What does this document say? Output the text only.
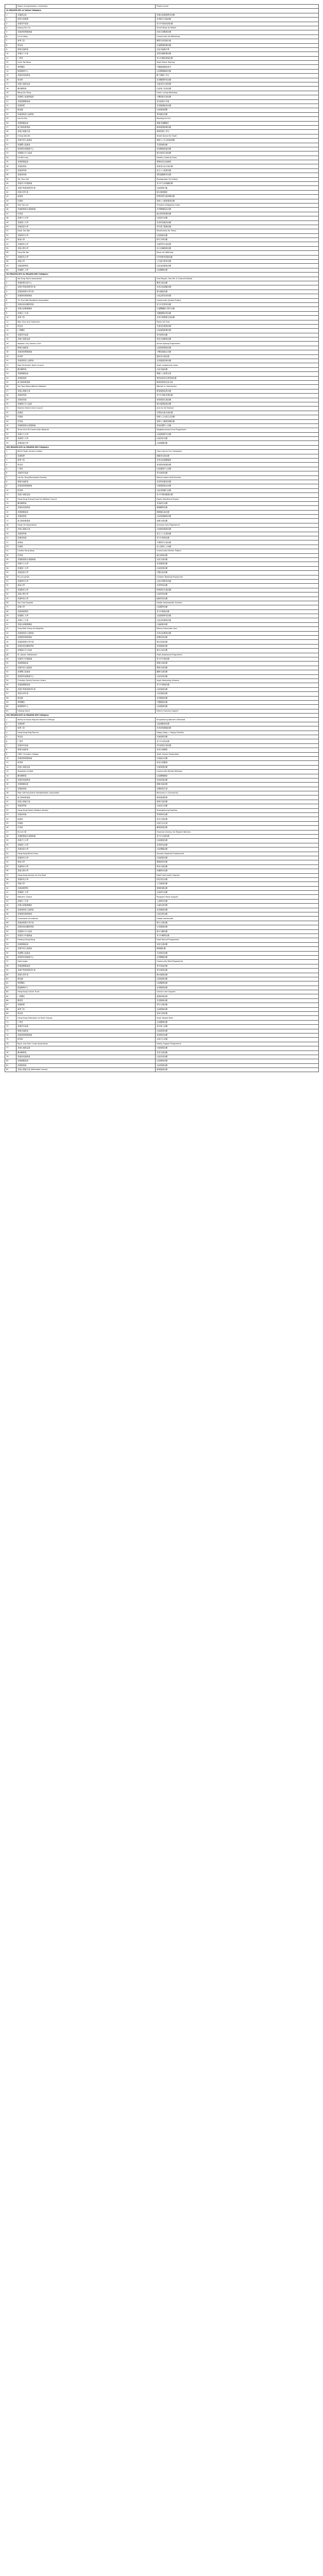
	Name of organisation / individual	Project name
(I) HK$200,001 or below Category:		
1	卓越基金會	香港社區健康教育計劃
2	明愛社會服務	長者跨代共融活動
3	香港青年協會	青少年領袖培訓計劃
4	Kwong Hin Tin	Small Steps to Health
5	香港基督教服務處	家庭支援服務計劃
6	Lo Yu Hang	Community Art Workshop
7	東華三院	關愛長者送暖行動
8	保良局	兒童閱讀推廣計劃
9	聖雅各福群會	社區共融嘉年華
10	香港紅十字會	急救知識推廣計劃
11	仁愛堂	青少年體育發展計劃
12	Chan Tak Wing	Youth Music Sharing
13	博愛醫院	中醫健康講座系列
14	循道衛理中心	社區關懷網絡計劃
15	香港家庭福利會	親子溝通工作坊
16	救世軍	長者數碼學習計劃
17	香港小童群益會	兒童成長支援計劃
18	鄰舍輔導會	社區義工培訓計劃
19	Wong Siu Ming	Green Living Workshop
20	香港聖公會福利協會	少數族裔支援計劃
21	香港遊樂場協會	青年創業分享會
22	香港明愛	長者健康檢查計劃
23	嗇色園	社區藝術展覽
24	香港耆康老人福利會	耆英樂活計劃
25	Lee Ka Yan	Reading for Fun
26	香港傷健協會	傷健共融體驗日
27	新生精神康復會	精神健康推廣計劃
28	香港心理衞生會	情緒管理工作坊
29	Cheng Wai Kit	Street Dance for Youth
30	香港失明人協進會	視障人士生活技能訓練
31	香港聾人協進會	手語推廣計劃
32	基督教家庭服務中心	家庭關係促進計劃
33	香港婦女中心協會	婦女就業支援計劃
34	Ho Mei Ling	Healthy Cooking Class
35	香港單親協會	單親家庭互助網絡
36	香港復康會	復康者社區支援計劃
37	香港善導會	更生人士就業計劃
38	香港戒毒會	預防濫藥教育計劃
39	Yip Chun Hei	Photography for Elderly
40	香港青少年服務處	青少年生涯規劃計劃
41	香港中華基督教青年會	社區環保行動
42	香港女青年會	婦女健康講座
43	協康會	特殊需要兒童訓練計劃
44	扶康會	智障人士藝術發展計劃
45	Tam Yuk Lan	Chinese Calligraphy Class
46	香港路德會社會服務處	長者關懷探訪計劃
47	匡智會	融合教育推廣計劃
48	香港中文大學	社區研究計劃
49	香港理工大學	長者科技應用計劃
50	香港浸會大學	青年義工服務計劃
51	Kwok Sze Wai	Mindfulness for Teens
52	香港城市大學	社區創新計劃
53	嶺南大學	跨代共學計劃
54	香港教育大學	兒童學習支援計劃
55	香港公開大學	成人持續進修計劃
56	Fung Hoi Yan	Music for Wellness
57	香港科技大學	STEM教育推廣計劃
58	香港大學	公共衞生教育計劃
59	香港演藝學院	社區表演藝術計劃
60	香港樹仁大學	社區關懷計劃
(II) HK$200,001 to HK$400,000 Category:		
1	Sai Kung Youth Association	One People, One HK: A Cultural Festival
2	香港明愛社區中心	鄰里互助計劃
3	香港中華基督教青年會	長者社區照顧計劃
4	香港基督教女青年會	婦女賦能計劃
5	香港聖約翰救傷會	社區急救培訓計劃
6	Tin Shui Wai Residents Association	Community Garden Project
7	香港家庭計劃指導會	青少年性教育計劃
8	香港社會服務聯會	社福機構能力提升計劃
9	香港紅十字會	災難應變培訓計劃
10	東華三院	長者日間護理支援計劃
11	Wan Chai Arts Collective	Public Art Trail
12	保良局	兒童成長發展計劃
13	仁濟醫院	社區健康推廣計劃
14	香港青年協會	青年創科計劃
15	香港小童群益會	家庭支援網絡計劃
16	Kowloon City Seniors Club	Active Ageing Programme
17	聖雅各福群會	社區經濟發展計劃
18	香港基督教服務處	少數族裔融合計劃
19	救世軍	露宿者支援計劃
20	香港耆康老人福利會	長者健康管理計劃
21	New Territories Youth Council	Youth Leadership Camp
22	鄰舍輔導會	社區共融計劃
23	香港傷健協會	傷健人士就業支援
24	香港復康會	慢性病患者自我管理計劃
25	新生精神康復會	精神康復者社區支援
26	Yau Tsim Mong Women Network	Women in Community
27	香港心理衞生會	精神健康急救計劃
28	香港善導會	青少年預防犯罪計劃
29	香港戒毒會	戒毒康復支援計劃
30	香港婦女中心協會	婦女健康促進計劃
31	Eastern District Arts Council	Arts for All Festival
32	協康會	自閉症兒童支援計劃
33	扶康會	智障人士社區生活計劃
34	匡智會	智障人士職業訓練計劃
35	香港路德會社會服務處	家庭危機介入計劃
36	Sham Shui Po Community Network	Neighbourhood Care Programme
37	香港中文大學	社區健康研究計劃
38	香港理工大學	社區設計計劃
39	香港浸會大學	社區媒體計劃
(III) HK$400,001 to HK$600,000 Category:		
1	BGCA Youth Centre Limited	Give Care to Our Caregivers
2	香港明愛	照顧者支援計劃
3	東華三院	長者社區照顧服務
4	保良局	家庭教育推廣計劃
5	仁愛堂	社區健康中心計劃
6	香港青年協會	青年就業計劃
7	Lok Sin Tong Benevolent Society	Elderly Home Visit Scheme
8	聖雅各福群會	長者科技應用計劃
9	香港基督教服務處	兒童發展基金計劃
10	救世軍	社區食物銀行計劃
11	香港小童群益會	青少年精神健康計劃
12	Hong Kong Sheng Kung Hui Welfare Council	Family Resilience Project
13	鄰舍輔導會	長者跨代計劃
14	香港家庭福利會	婚姻輔導計劃
15	香港傷健協會	無障礙社區計劃
16	香港復康會	社區復康網絡計劃
17	新生精神康復會	朋輩支援計劃
18	Hong Chi Association	Inclusive Arts Programme
19	香港心理衞生會	社區精神健康計劃
20	香港善導會	更生人士支援計劃
21	香港戒毒會	青少年禁毒計劃
22	協康會	早期教育支援計劃
23	扶康會	成人智障人士計劃
24	Caritas Hong Kong	Community Kitchen Project
25	匡智會	融合就業計劃
26	香港路德會社會服務處	社區支援計劃
27	香港中文大學	長者健康計劃
28	香港理工大學	社區復康計劃
29	香港浸會大學	中醫社區計劃
30	Po Leung Kuk	Children Reading Programme
31	香港城市大學	社區法律教育計劃
32	嶺南大學	長者學苑計劃
33	香港教育大學	特殊教育支援計劃
34	香港公開大學	社區學習計劃
35	香港科技大學	創新科技計劃
36	Yan Chai Hospital	Health Ambassador Scheme
37	香港大學	社區醫學計劃
38	香港演藝學院	青少年藝術計劃
39	香港樹仁大學	社區服務學習計劃
40	香港紅十字會	社區急救網絡計劃
41	香港社會服務聯會	社福創新計劃
42	Tung Wah Group of Hospitals	Elderly Dementia Care
43	香港耆康老人福利會	長者社區參與計劃
44	香港聖約翰救傷會	救護培訓計劃
45	香港基督教女青年會	婦女領袖計劃
46	香港家庭計劃指導會	家庭健康計劃
47	香港婦女中心協會	婦女社區計劃
48	St. James' Settlement	Food Assistance Programme
49	香港青少年服務處	青少年外展計劃
50	香港單親協會	單親支援計劃
51	香港失明人協進會	視障支援計劃
52	香港聾人協進會	聽障支援計劃
53	基督教家庭服務中心	社區家庭計劃
54	Christian Family Service Centre	Youth Mentoring Scheme
55	香港遊樂場協會	青少年發展計劃
56	香港中華基督教青年會	社區發展計劃
57	香港女青年會	女性發展計劃
58	嗇色園	長者服務計劃
59	博愛醫院	中醫服務計劃
60	循道衛理中心	社區服務計劃
61	Helping Hand	Elderly Housing Support
(IV) HK$600,001 to HK$800,000 Category:		
1	Bethune House Migrant Women's Refuge	Empowering Women's Potential
2	香港明愛	社區照顧者計劃
3	東華三院	長者認知障礙計劃
4	Hong Kong Dog Rescue	Happy Dogs = Happy Families
5	保良局	兒童福利計劃
6	仁愛堂	青少年成長計劃
7	香港青年協會	青年創業支援計劃
8	聖雅各福群會	長者支援網絡
9	CNEC Christian College	Youth Career Exploration
10	香港基督教服務處	社區融合計劃
11	救世軍	家庭支援服務
12	香港小童群益會	兒童保護計劃
13	Stewards Limited	Community Mental Wellness
14	鄰舍輔導會	社區關懷網絡
15	香港家庭福利會	家庭和諧計劃
16	香港傷健協會	傷健共融計劃
17	香港復康會	長期病患支援
18	New Life Psychiatric Rehabilitation Association	Recovery in Community
19	新生精神康復會	精神健康推廣
20	香港心理衞生會	情緒支援計劃
21	香港善導會	社區更生計劃
22	Hong Kong Family Welfare Society	Strengthening Families
23	香港戒毒會	禁毒教育計劃
24	協康會	家長支援計劃
25	扶康會	社區生活支援
26	匡智會	職業康復計劃
27	Enrich HK	Financial Literacy for Migrant Workers
28	香港路德會社會服務處	青少年支援計劃
29	香港中文大學	社區健康計劃
30	香港理工大學	長者科技計劃
31	香港浸會大學	社區傳播計劃
32	Hong Kong Blind Union	Visually Impaired Employment
33	香港城市大學	社區創新計劃
34	嶺南大學	服務研習計劃
35	香港教育大學	教育支援計劃
36	香港公開大學	持續教育計劃
37	Hong Kong Society for the Deaf	Deaf Community Support
38	香港科技大學	科技普及計劃
39	香港大學	公共健康計劃
40	香港演藝學院	藝術推廣計劃
41	香港樹仁大學	社區研究計劃
42	Mother's Choice	Pregnant Teens Support
43	香港紅十字會	人道教育計劃
44	香港社會服務聯會	社福培訓計劃
45	香港耆康老人福利會	長者健康計劃
46	香港聖約翰救傷會	社區急救計劃
47	Crossroads Foundation	Global Handicrafts
48	香港基督教女青年會	婦女支援計劃
49	香港家庭計劃指導會	生育健康計劃
50	香港婦女中心協會	婦女充權計劃
51	香港青少年服務處	青少年輔導計劃
52	Feeding Hong Kong	Food Rescue Programme
53	香港單親協會	家庭支援計劃
54	香港失明人協進會	無障礙計劃
55	香港聾人協進會	手語教育計劃
56	基督教家庭服務中心	長者關懷計劃
57	Food Angel	Community Meal Programme
58	香港遊樂場協會	青年領袖計劃
59	香港中華基督教青年會	青年發展計劃
60	香港女青年會	婦女健康計劃
61	嗇色園	社區健康計劃
62	博愛醫院	社區醫療計劃
63	循道衛理中心	長者服務計劃
64	Hong Kong Cancer Fund	Cancer Care Support
65	仁濟醫院	健康推廣計劃
66	樂善堂	長者服務計劃
67	香港明愛	青年支援計劃
68	東華三院	社區服務計劃
69	保良局	家庭支援計劃
70	Hong Kong Federation of Youth Groups	Youth Digital Skills
71	仁愛堂	社區醫療計劃
72	香港青年協會	青年義工計劃
73	聖雅各福群會	社區經濟計劃
74	香港基督教服務處	家庭教育計劃
75	救世軍	社區中心計劃
76	Boys' and Girls' Clubs Association	Family Support Programme
77	香港小童群益會	兒童發展計劃
78	鄰舍輔導會	長者支援計劃
79	香港家庭福利會	社區家庭計劃
80	香港傷健協會	社區參與計劃
81	香港復康會	社區復康計劃
82	香港心理衞生會 (Methodist Centre)	精神健康計劃
